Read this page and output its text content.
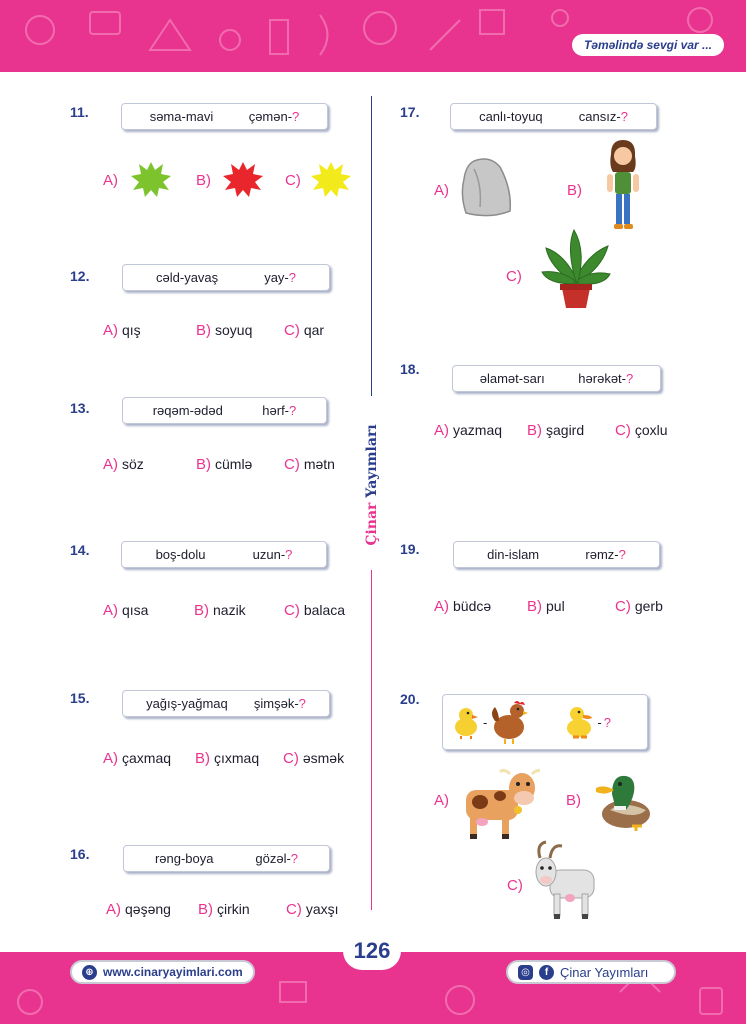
Təməlində sevgi var ...
Çinar Yayımları
11.	səma-mavi	çəmən-?
A)	B)	C)
12.	cəld-yavaş	yay-?
A) qış	B) soyuq C) qar
13.	rəqəm-ədəd	hərf-?
A) söz	B) cümlə C) mətn
14.	boş-dolu	uzun-?
A) qısa	B) nazik	C) balaca
15.	yağış-yağmaq şimşək-?
A) çaxmaq B) çıxmaq C) əsmək
16.	rəng-boya	gözəl-?
A) qəşəng B) çirkin C) yaxşı
17.	canlı-toyuq	cansız-?
A)	B)
C)
18.
əlamət-sarı	hərəkət-?
A) yazmaq B) şagird C) çoxlu
19.	din-islam	rəmz-?
A) büdcə B) pul	C) gerb
20.
-	- ?
A)	B)
C)
⊕ www.cinaryayimlari.com	◎	f Çinar Yayımları
126
